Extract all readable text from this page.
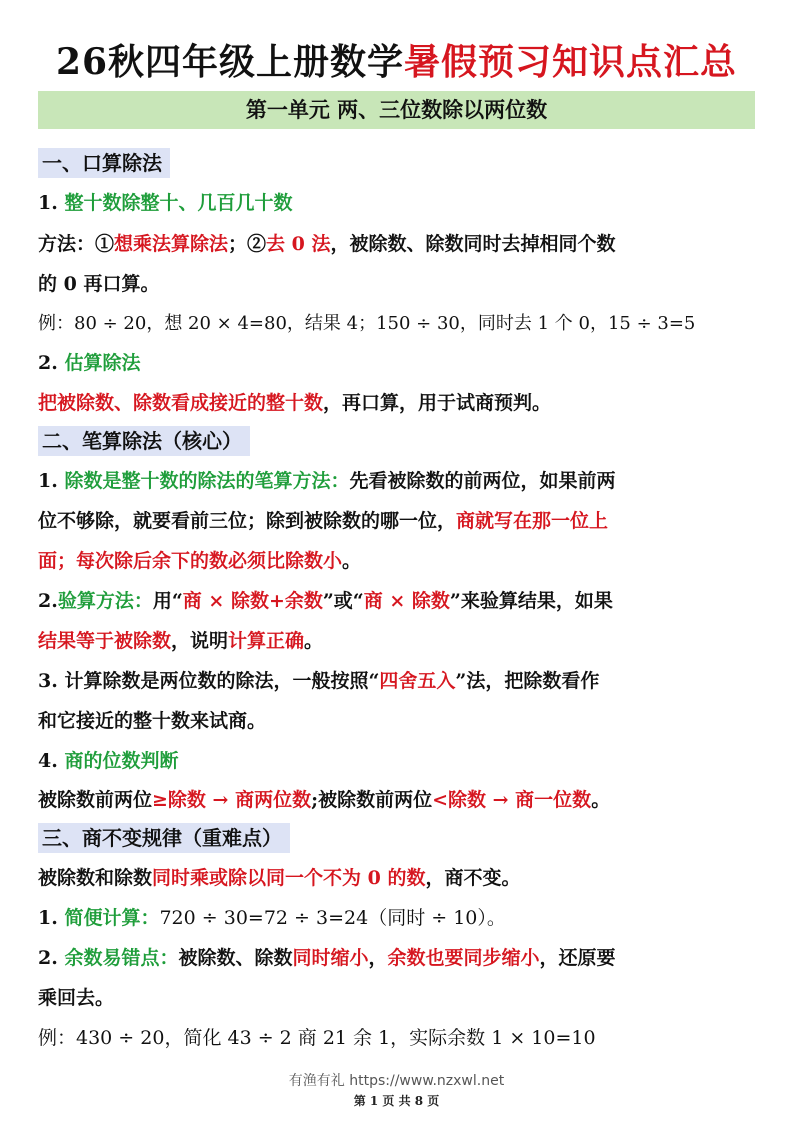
26秋四年级上册数学暑假预习知识点汇总
第一单元 两、三位数除以两位数
一、口算除法
1. 整十数除整十、几百几十数
方法：①想乘法算除法；②去 0 法，被除数、除数同时去掉相同个数
的 0 再口算。
例：80 ÷ 20，想 20 × 4=80，结果 4；150 ÷ 30，同时去 1 个 0，15 ÷ 3=5
2. 估算除法
把被除数、除数看成接近的整十数，再口算，用于试商预判。
二、笔算除法（核心）
1. 除数是整十数的除法的笔算方法：先看被除数的前两位，如果前两
位不够除，就要看前三位；除到被除数的哪一位，商就写在那一位上
面；每次除后余下的数必须比除数小。
2.验算方法：用“商 × 除数+余数”或“商 × 除数”来验算结果，如果
结果等于被除数，说明计算正确。
3. 计算除数是两位数的除法，一般按照“四舍五入”法，把除数看作
和它接近的整十数来试商。
4. 商的位数判断
被除数前两位≥除数 → 商两位数;被除数前两位<除数 → 商一位数。
三、商不变规律（重难点）
被除数和除数同时乘或除以同一个不为 0 的数，商不变。
1. 简便计算：720 ÷ 30=72 ÷ 3=24（同时 ÷ 10）。
2. 余数易错点：被除数、除数同时缩小，余数也要同步缩小，还原要
乘回去。
例：430 ÷ 20，简化 43 ÷ 2 商 21 余 1，实际余数 1 × 10=10
有渔有礼 https://www.nzxwl.net
第 1 页 共 8 页
